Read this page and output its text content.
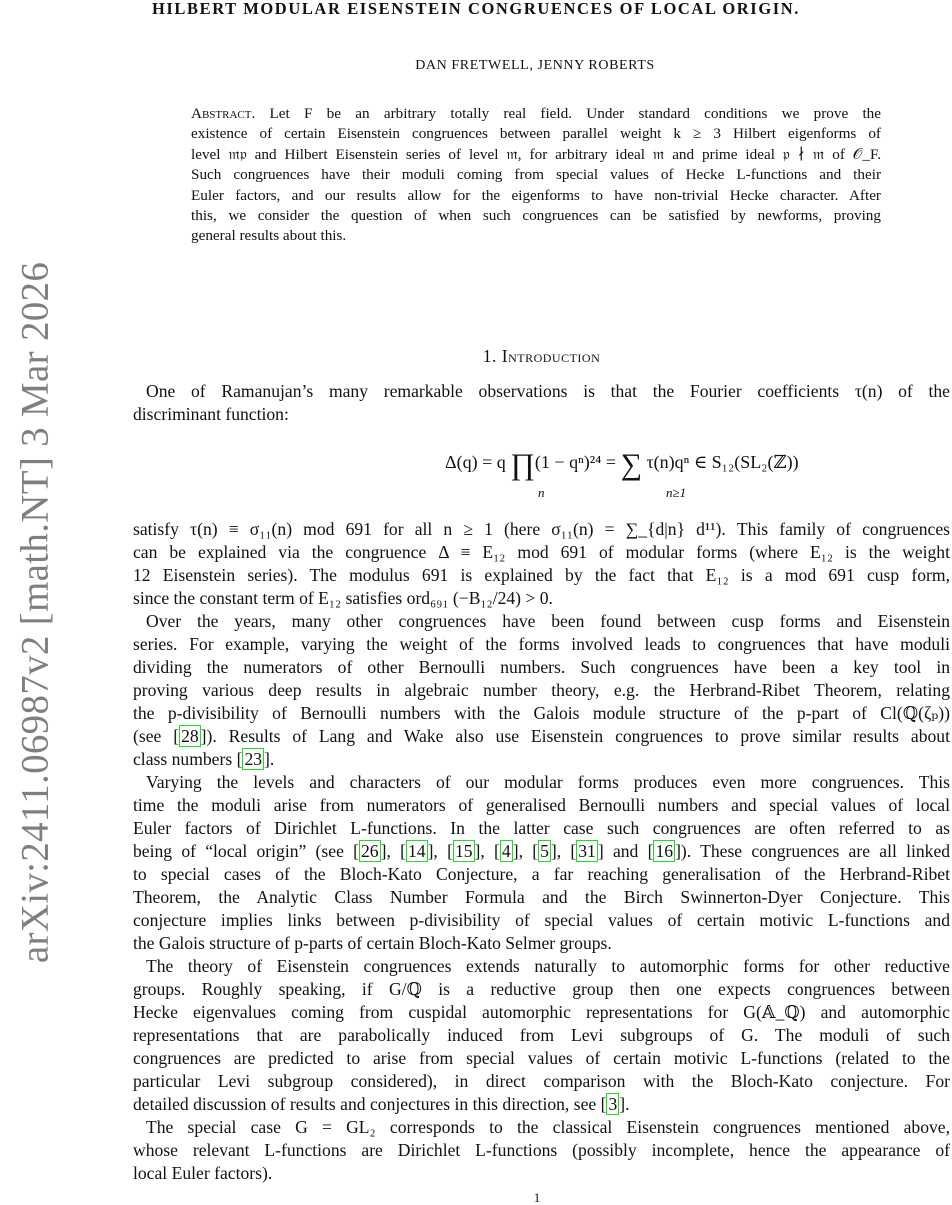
HILBERT MODULAR EISENSTEIN CONGRUENCES OF LOCAL ORIGIN.
DAN FRETWELL, JENNY ROBERTS
arXiv:2411.06987v2 [math.NT] 3 Mar 2026
Abstract. Let F be an arbitrary totally real field. Under standard conditions we prove the
existence of certain Eisenstein congruences between parallel weight k ≥ 3 Hilbert eigenforms of
level 𝔪𝔭 and Hilbert Eisenstein series of level 𝔪, for arbitrary ideal 𝔪 and prime ideal 𝔭 ∤ 𝔪 of 𝒪_F.
Such congruences have their moduli coming from special values of Hecke L-functions and their
Euler factors, and our results allow for the eigenforms to have non-trivial Hecke character. After
this, we consider the question of when such congruences can be satisfied by newforms, proving
general results about this.
1. Introduction
One of Ramanujan’s many remarkable observations is that the Fourier coefficients τ(n) of the
discriminant function:
Δ(q) = q ∏(1 − qⁿ)²⁴ = ∑ τ(n)qⁿ ∈ S₁₂(SL₂(ℤ))
n	n≥1
satisfy τ(n) ≡ σ₁₁(n) mod 691 for all n ≥ 1 (here σ₁₁(n) = ∑_{d|n} d¹¹). This family of congruences
can be explained via the congruence Δ ≡ E₁₂ mod 691 of modular forms (where E₁₂ is the weight
12 Eisenstein series). The modulus 691 is explained by the fact that E₁₂ is a mod 691 cusp form,
since the constant term of E₁₂ satisfies ord₆₉₁ (−B₁₂/24) > 0.
Over the years, many other congruences have been found between cusp forms and Eisenstein
series. For example, varying the weight of the forms involved leads to congruences that have moduli
dividing the numerators of other Bernoulli numbers. Such congruences have been a key tool in
proving various deep results in algebraic number theory, e.g. the Herbrand-Ribet Theorem, relating
the p-divisibility of Bernoulli numbers with the Galois module structure of the p-part of Cl(ℚ(ζₚ))
(see [ 28 ]). Results of Lang and Wake also use Eisenstein congruences to prove similar results about
class numbers [ 23 ].
Varying the levels and characters of our modular forms produces even more congruences. This
time the moduli arise from numerators of generalised Bernoulli numbers and special values of local
Euler factors of Dirichlet L-functions. In the latter case such congruences are often referred to as
being of “local origin” (see [ 26 ], [ 14 ], [ 15 ], [ 4 ], [ 5 ], [ 31 ] and [ 16 ]). These congruences are all linked
to special cases of the Bloch-Kato Conjecture, a far reaching generalisation of the Herbrand-Ribet
Theorem, the Analytic Class Number Formula and the Birch Swinnerton-Dyer Conjecture. This
conjecture implies links between p-divisibility of special values of certain motivic L-functions and
the Galois structure of p-parts of certain Bloch-Kato Selmer groups.
The theory of Eisenstein congruences extends naturally to automorphic forms for other reductive
groups. Roughly speaking, if G/ℚ is a reductive group then one expects congruences between
Hecke eigenvalues coming from cuspidal automorphic representations for G(𝔸_ℚ) and automorphic
representations that are parabolically induced from Levi subgroups of G. The moduli of such
congruences are predicted to arise from special values of certain motivic L-functions (related to the
particular Levi subgroup considered), in direct comparison with the Bloch-Kato conjecture. For
detailed discussion of results and conjectures in this direction, see [ 3 ].
The special case G = GL₂ corresponds to the classical Eisenstein congruences mentioned above,
whose relevant L-functions are Dirichlet L-functions (possibly incomplete, hence the appearance of
local Euler factors).
1
